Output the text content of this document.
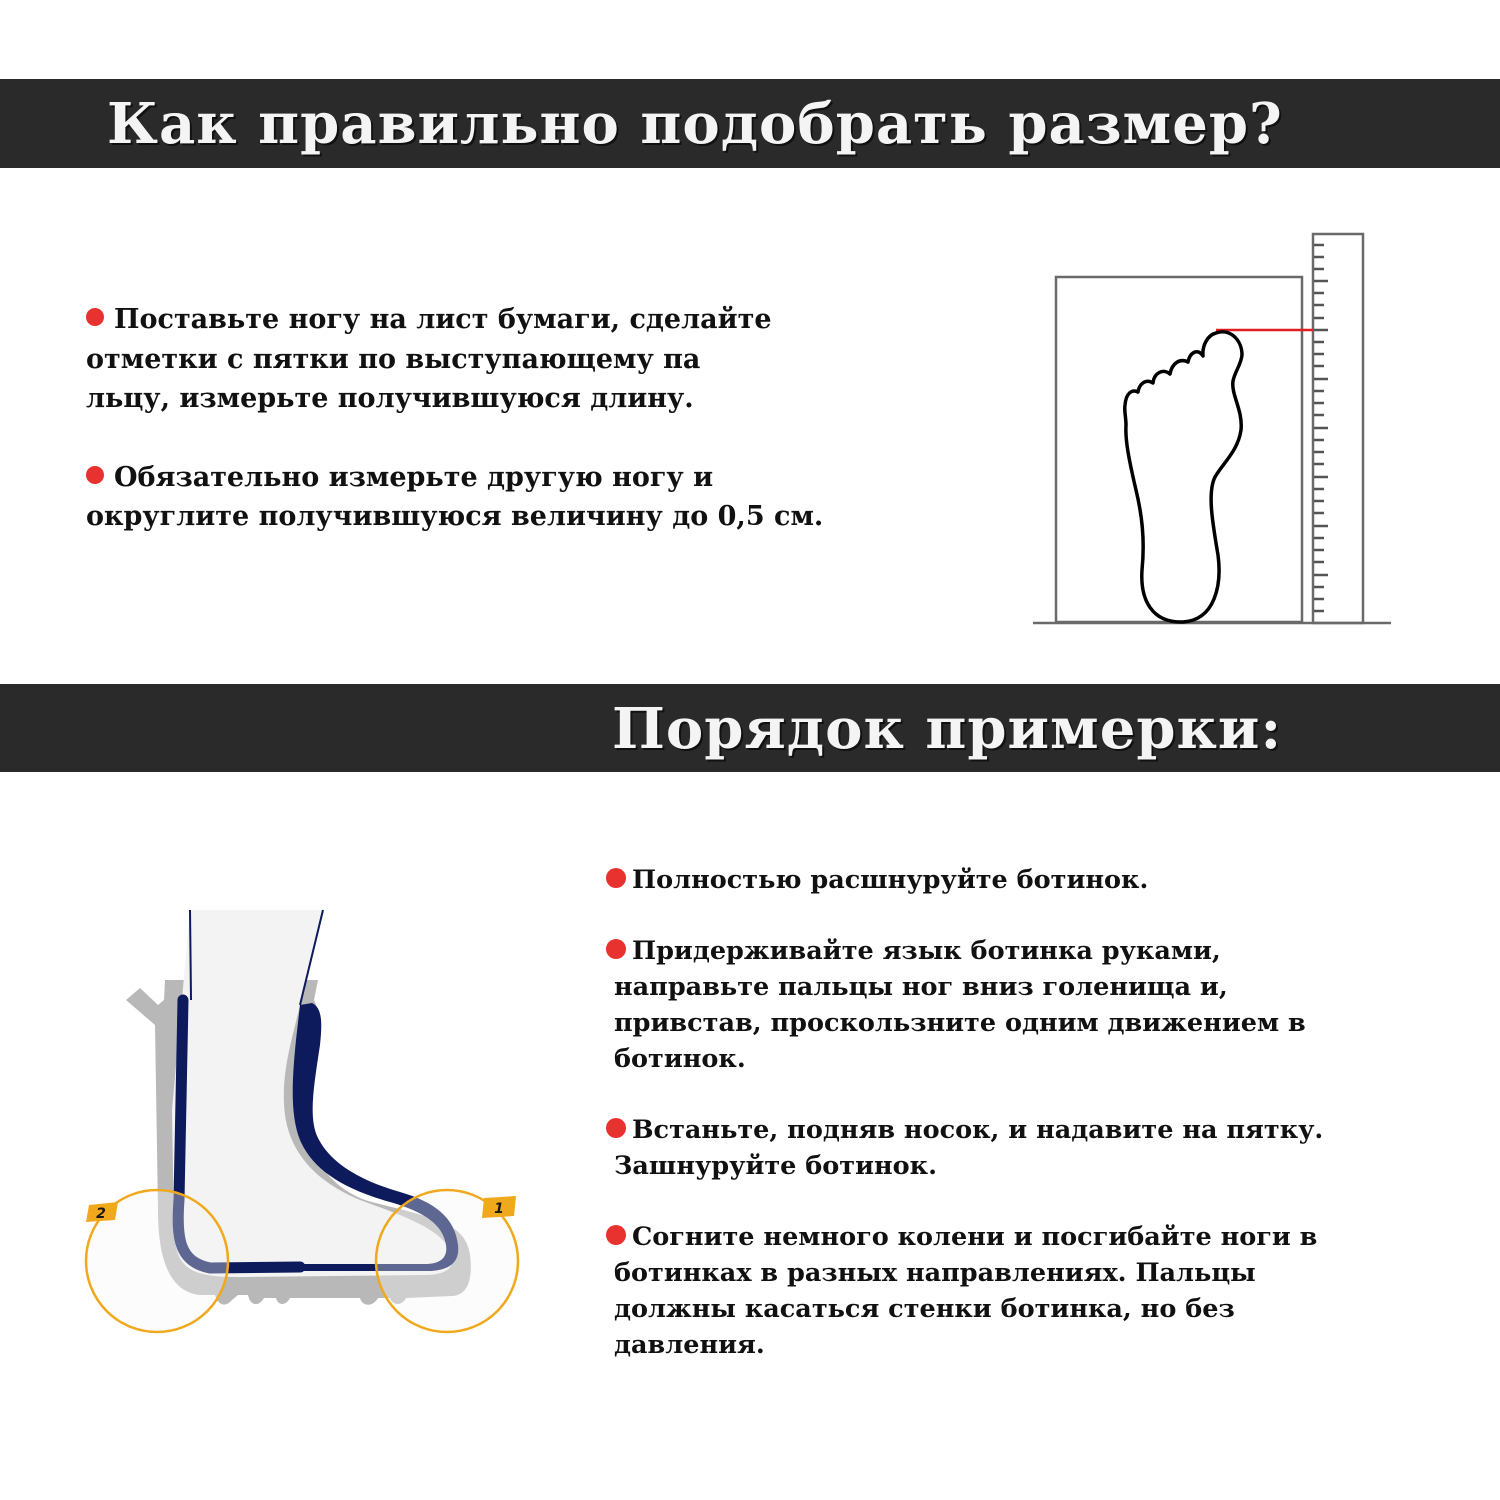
Как правильно подобрать размер?

Поставьте ногу на лист бумаги, сделайте

отметки с пятки по выступающему па

льцу, измерьте получившуюся длину.

Обязательно измерьте другую ногу и

округлите получившуюся величину до 0,5 см.

Порядок примерки:
2	1

Полностью расшнуруйте ботинок.

Придерживайте язык ботинка руками,

направьте пальцы ног вниз голенища и,

привстав, проскользните одним движением в

ботинок.

Встаньте, подняв носок, и надавите на пятку.

Зашнуруйте ботинок.

Согните немного колени и посгибайте ноги в

ботинках в разных направлениях. Пальцы

должны касаться стенки ботинка, но без

давления.
